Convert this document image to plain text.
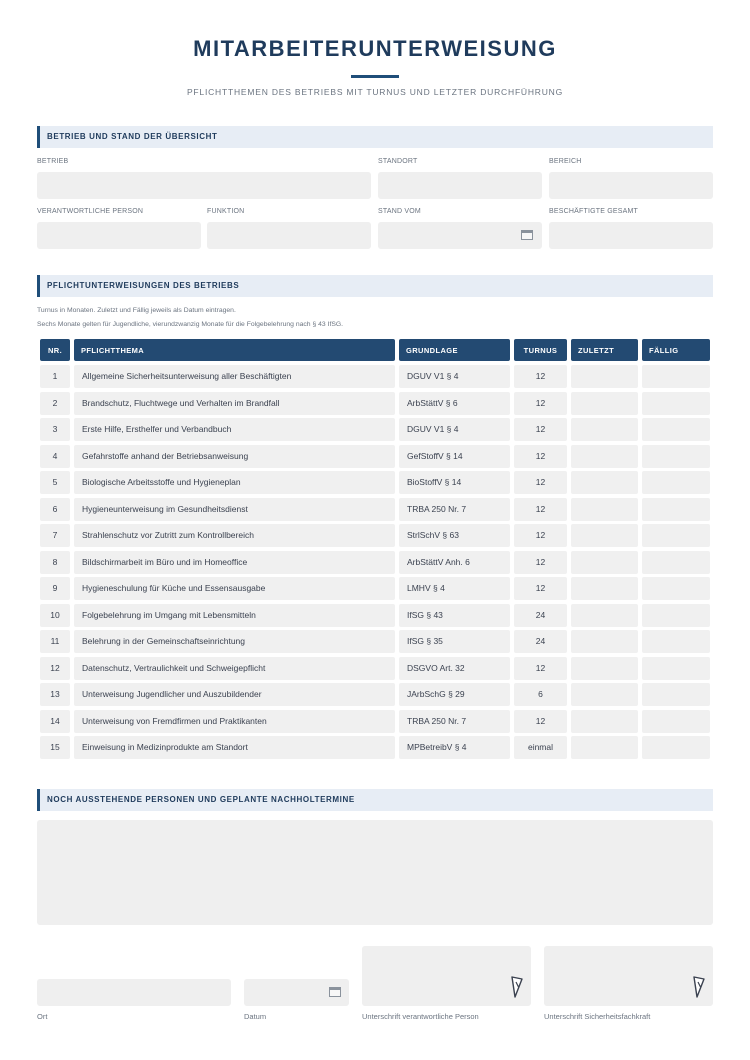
MITARBEITERUNTERWEISUNG
PFLICHTTHEMEN DES BETRIEBS MIT TURNUS UND LETZTER DURCHFÜHRUNG
BETRIEB UND STAND DER ÜBERSICHT
BETRIEB	STANDORT	BEREICH
VERANTWORTLICHE PERSON	FUNKTION	STAND VOM	BESCHÄFTIGTE GESAMT
PFLICHTUNTERWEISUNGEN DES BETRIEBS
Turnus in Monaten. Zuletzt und Fällig jeweils als Datum eintragen.
Sechs Monate gelten für Jugendliche, vierundzwanzig Monate für die Folgebelehrung nach § 43 IfSG.
NR.	PFLICHTTHEMA	GRUNDLAGE	TURNUS	ZULETZT	FÄLLIG
1	Allgemeine Sicherheitsunterweisung aller Beschäftigten	DGUV V1 § 4	12
2	Brandschutz, Fluchtwege und Verhalten im Brandfall	ArbStättV § 6	12
3	Erste Hilfe, Ersthelfer und Verbandbuch	DGUV V1 § 4	12
4	Gefahrstoffe anhand der Betriebsanweisung	GefStoffV § 14	12
5	Biologische Arbeitsstoffe und Hygieneplan	BioStoffV § 14	12
6	Hygieneunterweisung im Gesundheitsdienst	TRBA 250 Nr. 7	12
7	Strahlenschutz vor Zutritt zum Kontrollbereich	StrlSchV § 63	12
8	Bildschirmarbeit im Büro und im Homeoffice	ArbStättV Anh. 6	12
9	Hygieneschulung für Küche und Essensausgabe	LMHV § 4	12
10	Folgebelehrung im Umgang mit Lebensmitteln	IfSG § 43	24
11	Belehrung in der Gemeinschaftseinrichtung	IfSG § 35	24
12	Datenschutz, Vertraulichkeit und Schweigepflicht	DSGVO Art. 32	12
13	Unterweisung Jugendlicher und Auszubildender	JArbSchG § 29	6
14	Unterweisung von Fremdfirmen und Praktikanten	TRBA 250 Nr. 7	12
15	Einweisung in Medizinprodukte am Standort	MPBetreibV § 4	einmal
NOCH AUSSTEHENDE PERSONEN UND GEPLANTE NACHHOLTERMINE
Ort	Datum	Unterschrift verantwortliche Person	Unterschrift Sicherheitsfachkraft
